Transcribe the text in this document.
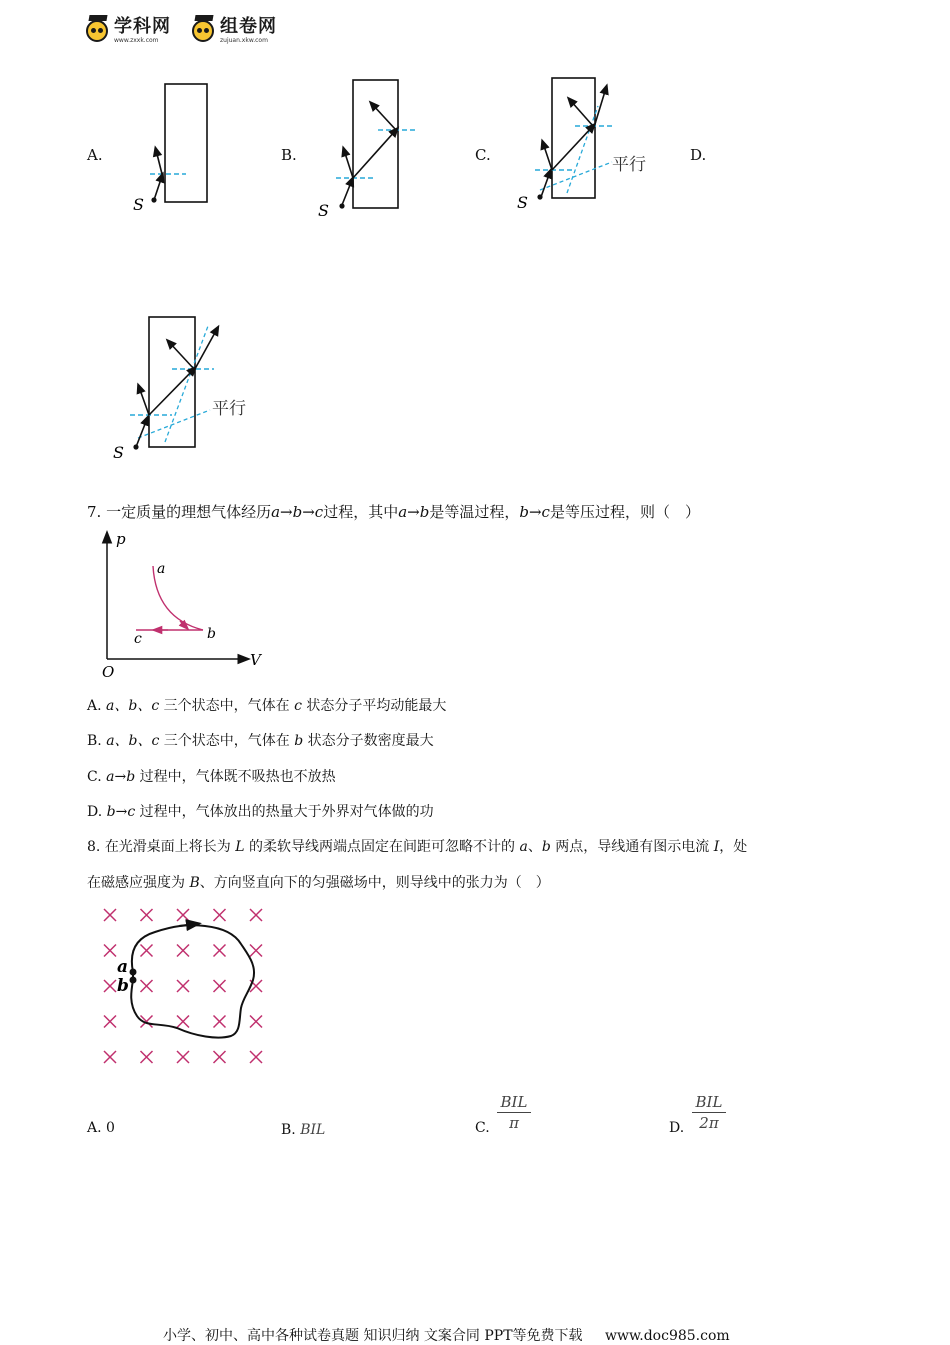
学科网
www.zxxk.com
组卷网
zujuan.xkw.com
A.	B.	C.	D.
S	S	S
平行
S
平行
7. 一定质量的理想气体经历a→b→c过程，其中a→b是等温过程，b→c是等压过程，则（　）
p
V
O
a
b
c
A. a、b、c 三个状态中，气体在 c 状态分子平均动能最大
B. a、b、c 三个状态中，气体在 b 状态分子数密度最大
C. a→b 过程中，气体既不吸热也不放热
D. b→c 过程中，气体放出的热量大于外界对气体做的功
8. 在光滑桌面上将长为 L 的柔软导线两端点固定在间距可忽略不计的 a、b 两点，导线通有图示电流 I，处
在磁感应强度为 B、方向竖直向下的匀强磁场中，则导线中的张力为（　）
a
b
A. 0	B. BIL	C.
BIL
π	D.
BIL
2π
小学、初中、高中各种试卷真题 知识归纳 文案合同 PPT等免费下载 www.doc985.com
